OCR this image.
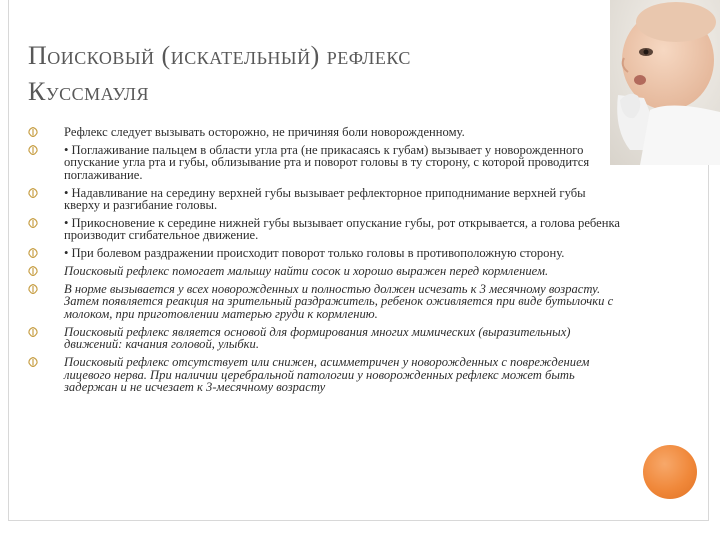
Поисковый (искательный) рефлекс
Куссмауля
Рефлекс следует вызывать осторожно, не причиняя боли новорожденному.
• Поглаживание пальцем в области угла рта (не прикасаясь к губам) вызывает у новорожденного опускание угла рта и губы, облизывание рта и поворот головы в ту сторону, с которой проводится поглаживание.
• Надавливание на середину верхней губы вызывает рефлекторное приподнимание верхней губы кверху и разгибание головы.
• Прикосновение к середине нижней губы вызывает опускание губы, рот открывается, а голова ребенка производит сгибательное движение.
• При болевом раздражении происходит поворот только головы в противоположную сторону.
Поисковый рефлекс помогает малышу найти сосок и хорошо выражен перед кормлением.
В норме вызывается у всех новорожденных и полностью должен исчезать к 3 месячному возрасту. Затем появляется реакция на зрительный раздражитель, ребенок оживляется при виде бутылочки с молоком, при приготовлении матерью груди к кормлению.
Поисковый рефлекс является основой для формирования многих мимических (выразительных) движений: качания головой, улыбки.
Поисковый рефлекс отсутствует или снижен, асимметричен у новорожденных с повреждением лицевого нерва. При наличии церебральной патологии у новорожденных рефлекс может быть задержан и не исчезает к 3-месячному возрасту
